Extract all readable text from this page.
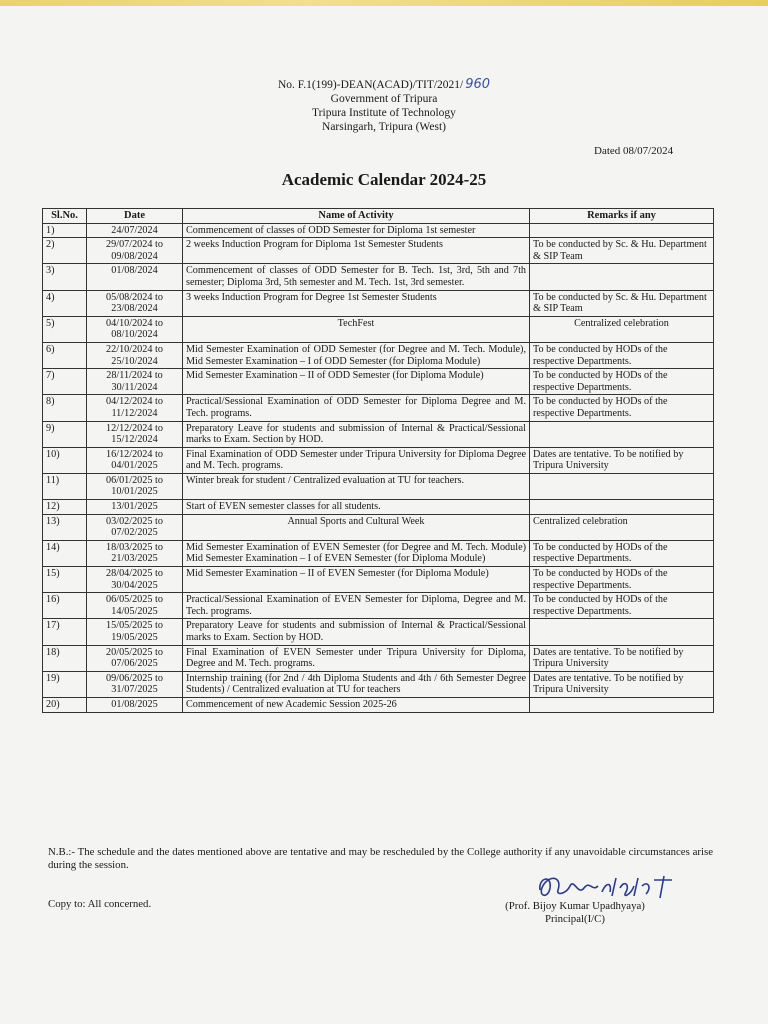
No. F.1(199)-DEAN(ACAD)/TIT/2021/ 960
Government of Tripura
Tripura Institute of Technology
Narsingarh, Tripura (West)
Dated 08/07/2024
Academic Calendar 2024-25
Sl.No.	Date	Name of Activity	Remarks if any
1)	24/07/2024	Commencement of classes of ODD Semester for Diploma 1st semester	
2)	29/07/2024 to 09/08/2024	2 weeks Induction Program for Diploma 1st Semester Students	To be conducted by Sc. & Hu. Department & SIP Team
3)	01/08/2024	Commencement of classes of ODD Semester for B. Tech. 1st, 3rd, 5th and 7th semester; Diploma 3rd, 5th semester and M. Tech. 1st, 3rd semester.	
4)	05/08/2024 to 23/08/2024	3 weeks Induction Program for Degree 1st Semester Students	To be conducted by Sc. & Hu. Department & SIP Team
5)	04/10/2024 to 08/10/2024	TechFest	Centralized celebration
6)	22/10/2024 to 25/10/2024	Mid Semester Examination of ODD Semester (for Degree and M. Tech. Module), Mid Semester Examination – I of ODD Semester (for Diploma Module)	To be conducted by HODs of the respective Departments.
7)	28/11/2024 to 30/11/2024	Mid Semester Examination – II of ODD Semester (for Diploma Module)	To be conducted by HODs of the respective Departments.
8)	04/12/2024 to 11/12/2024	Practical/Sessional Examination of ODD Semester for Diploma Degree and M. Tech. programs.	To be conducted by HODs of the respective Departments.
9)	12/12/2024 to 15/12/2024	Preparatory Leave for students and submission of Internal & Practical/Sessional marks to Exam. Section by HOD.	
10)	16/12/2024 to 04/01/2025	Final Examination of ODD Semester under Tripura University for Diploma Degree and M. Tech. programs.	Dates are tentative. To be notified by Tripura University
11)	06/01/2025 to 10/01/2025	Winter break for student / Centralized evaluation at TU for teachers.	
12)	13/01/2025	Start of EVEN semester classes for all students.	
13)	03/02/2025 to 07/02/2025	Annual Sports and Cultural Week	Centralized celebration
14)	18/03/2025 to 21/03/2025	Mid Semester Examination of EVEN Semester (for Degree and M. Tech. Module) Mid Semester Examination – I of EVEN Semester (for Diploma Module)	To be conducted by HODs of the respective Departments.
15)	28/04/2025 to 30/04/2025	Mid Semester Examination – II of EVEN Semester (for Diploma Module)	To be conducted by HODs of the respective Departments.
16)	06/05/2025 to 14/05/2025	Practical/Sessional Examination of EVEN Semester for Diploma, Degree and M. Tech. programs.	To be conducted by HODs of the respective Departments.
17)	15/05/2025 to 19/05/2025	Preparatory Leave for students and submission of Internal & Practical/Sessional marks to Exam. Section by HOD.	
18)	20/05/2025 to 07/06/2025	Final Examination of EVEN Semester under Tripura University for Diploma, Degree and M. Tech. programs.	Dates are tentative. To be notified by Tripura University
19)	09/06/2025 to 31/07/2025	Internship training (for 2nd / 4th Diploma Students and 4th / 6th Semester Degree Students) / Centralized evaluation at TU for teachers	Dates are tentative. To be notified by Tripura University
20)	01/08/2025	Commencement of new Academic Session 2025-26	
N.B.:- The schedule and the dates mentioned above are tentative and may be rescheduled by the College authority if any unavoidable circumstances arise during the session.
Copy to: All concerned.	(Prof. Bijoy Kumar Upadhyaya)
Principal(I/C)
